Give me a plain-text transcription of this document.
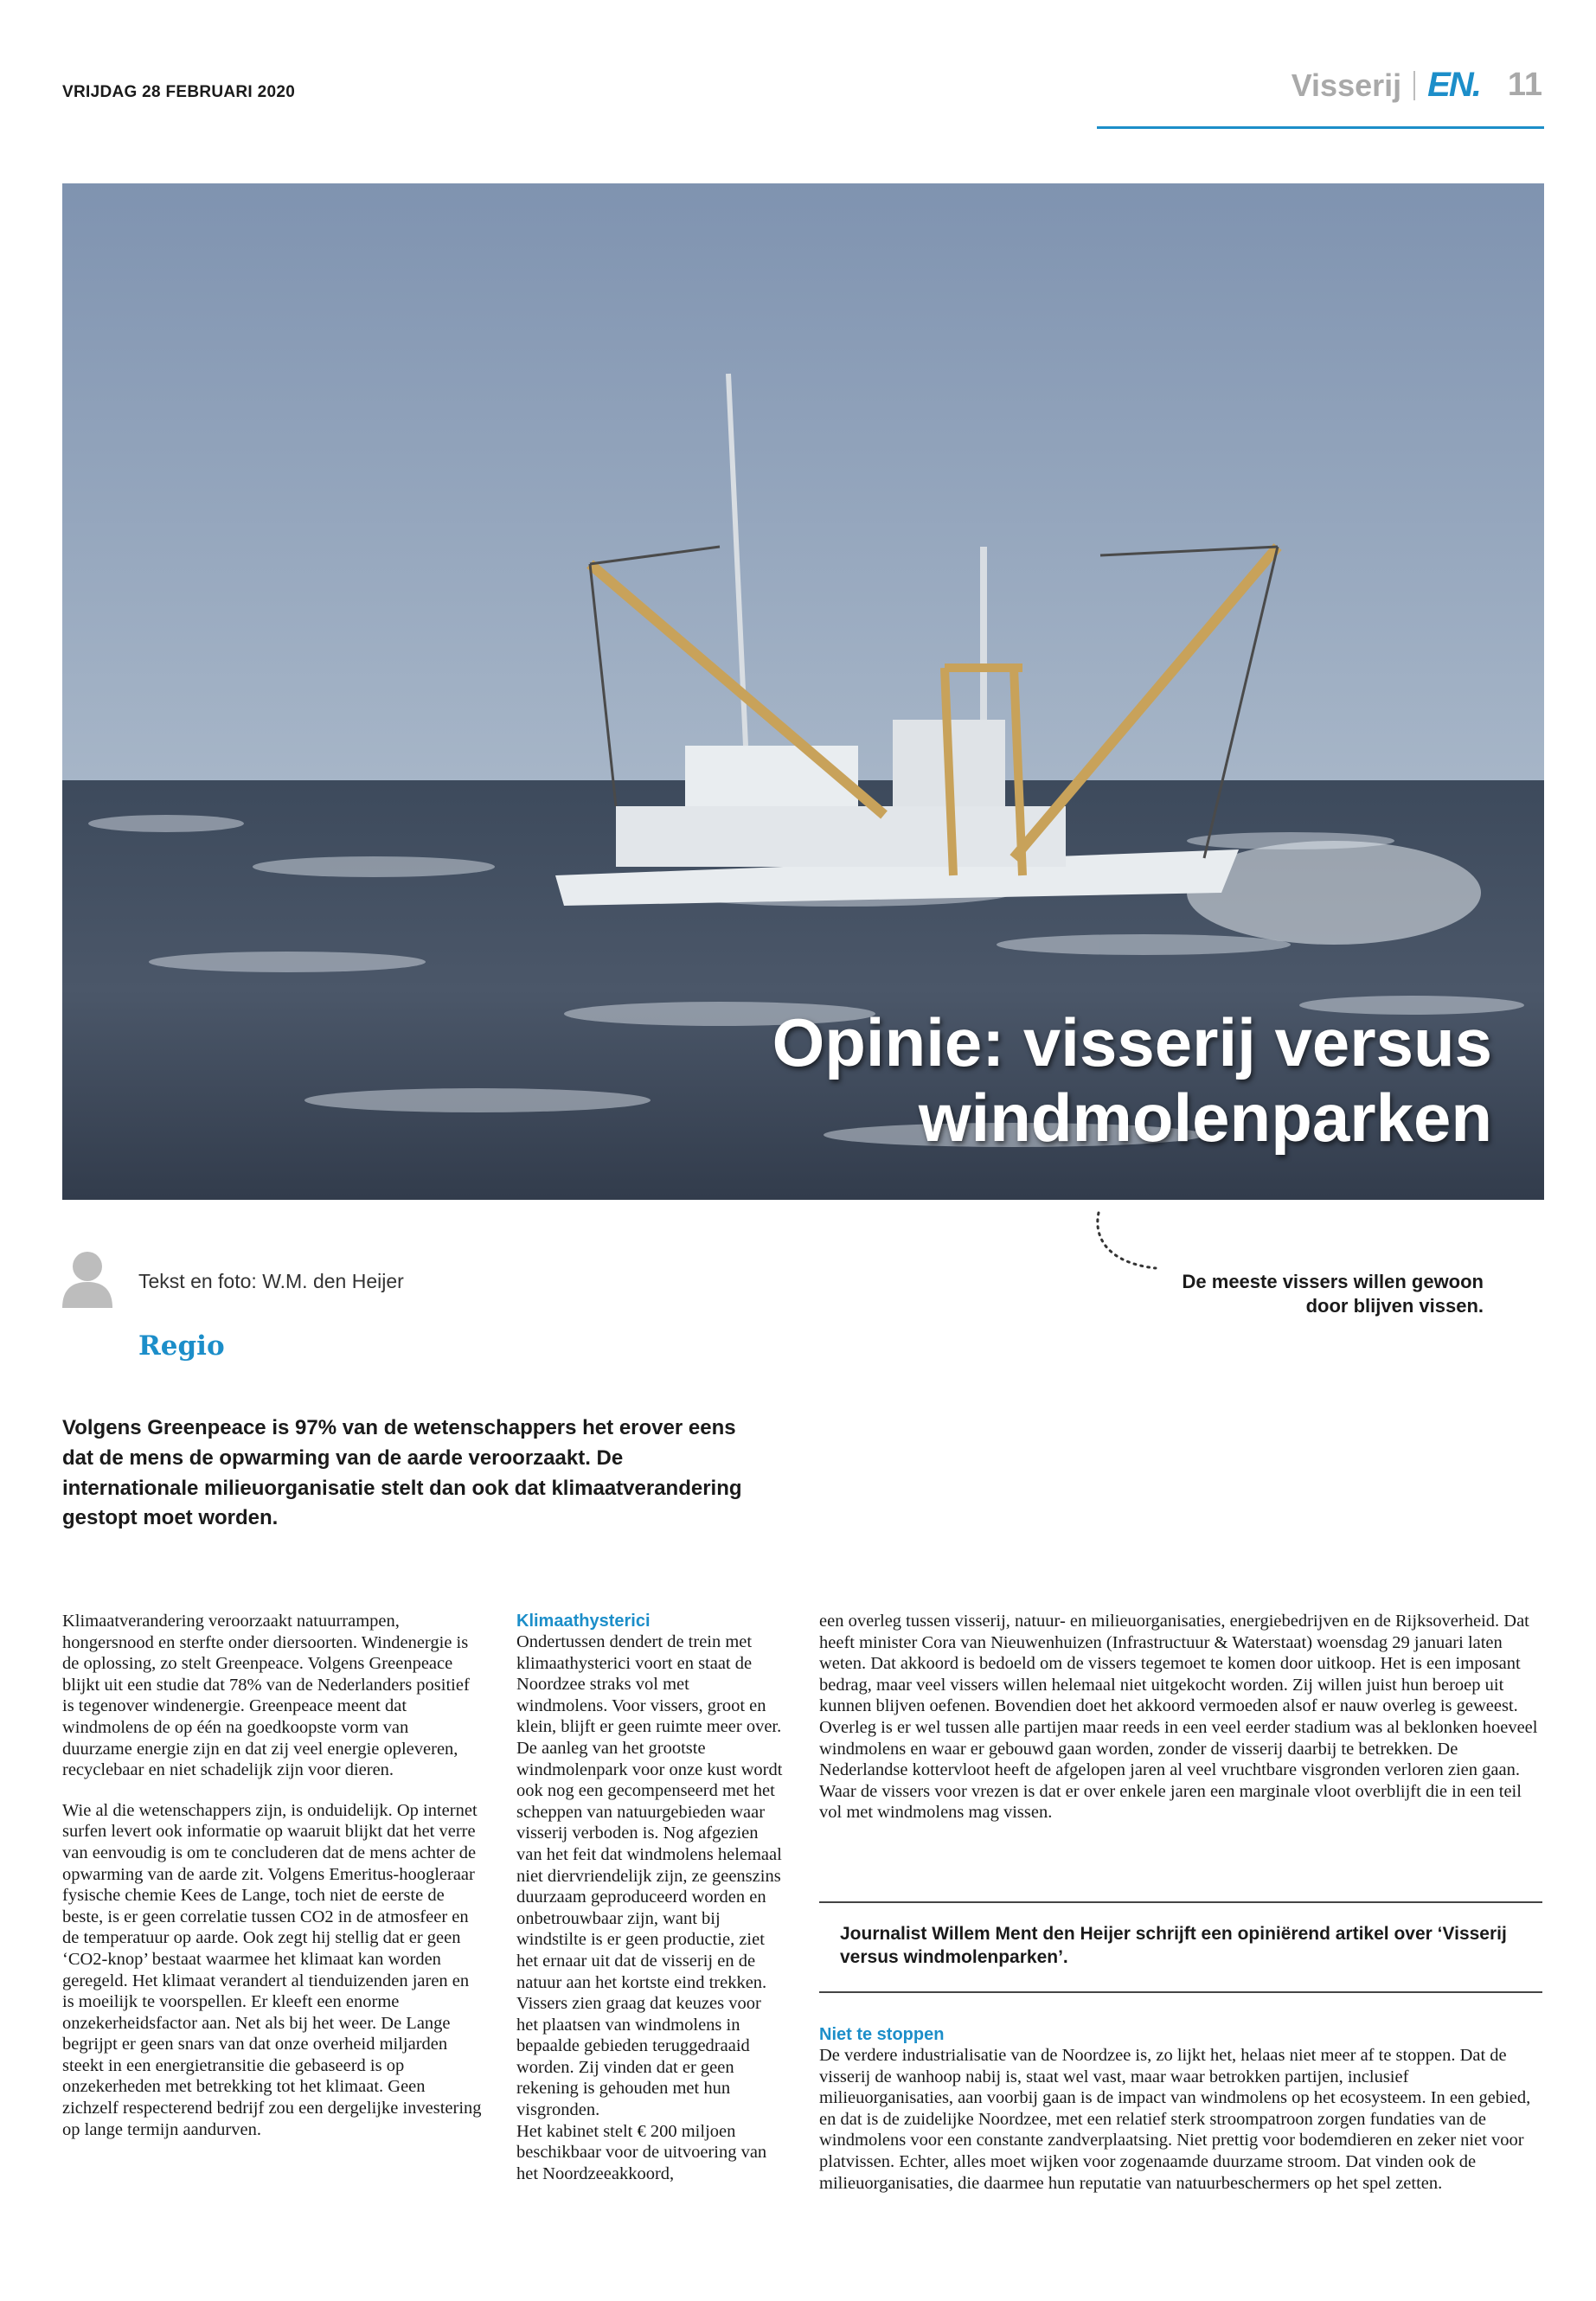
VRIJDAG 28 FEBRUARI 2020	Visserij EN. 11
Opinie: visserij versus
windmolenparken
Tekst en foto: W.M. den Heijer
Regio
De meeste vissers willen gewoon
door blijven vissen.
Volgens Greenpeace is 97% van de wetenschappers het erover eens dat de mens de opwarming van de aarde veroorzaakt. De internationale milieuorganisatie stelt dan ook dat klimaatverandering gestopt moet worden.

Klimaatverandering veroorzaakt natuurrampen, hongersnood en sterfte onder diersoorten. Windenergie is de oplossing, zo stelt Greenpeace. Volgens Greenpeace blijkt uit een studie dat 78% van de Nederlanders positief is tegenover windenergie. Greenpeace meent dat windmolens de op één na goedkoopste vorm van duurzame energie zijn en dat zij veel energie opleveren, recyclebaar en niet schadelijk zijn voor dieren.

Wie al die wetenschappers zijn, is onduidelijk. Op internet surfen levert ook informatie op waaruit blijkt dat het verre van eenvoudig is om te concluderen dat de mens achter de opwarming van de aarde zit. Volgens Emeritus-hoogleraar fysische chemie Kees de Lange, toch niet de eerste de beste, is er geen correlatie tussen CO2 in de atmosfeer en de temperatuur op aarde. Ook zegt hij stellig dat er geen ‘CO2-knop’ bestaat waarmee het klimaat kan worden geregeld. Het klimaat verandert al tienduizenden jaren en is moeilijk te voorspellen. Er kleeft een enorme onzekerheidsfactor aan. Net als bij het weer. De Lange begrijpt er geen snars van dat onze overheid miljarden steekt in een energietransitie die gebaseerd is op onzekerheden met betrekking tot het klimaat. Geen zichzelf respecterend bedrijf zou een dergelijke investering op lange termijn aandurven.

Klimaathysterici

Ondertussen dendert de trein met klimaathysterici voort en staat de Noordzee straks vol met windmolens. Voor vissers, groot en klein, blijft er geen ruimte meer over. De aanleg van het grootste windmolenpark voor onze kust wordt ook nog een gecompenseerd met het scheppen van natuurgebieden waar visserij verboden is. Nog afgezien van het feit dat windmolens helemaal niet diervriendelijk zijn, ze geenszins duurzaam geproduceerd worden en onbetrouwbaar zijn, want bij windstilte is er geen productie, ziet het ernaar uit dat de visserij en de natuur aan het kortste eind trekken. Vissers zien graag dat keuzes voor het plaatsen van windmolens in bepaalde gebieden teruggedraaid worden. Zij vinden dat er geen rekening is gehouden met hun visgronden.

Het kabinet stelt € 200 miljoen beschikbaar voor de uitvoering van het Noordzeeakkoord,

een overleg tussen visserij, natuur- en milieuorganisaties, energiebedrijven en de Rijksoverheid. Dat heeft minister Cora van Nieuwenhuizen (Infrastructuur & Waterstaat) woensdag 29 januari laten weten. Dat akkoord is bedoeld om de vissers tegemoet te komen door uitkoop. Het is een imposant bedrag, maar veel vissers willen helemaal niet uitgekocht worden. Zij willen juist hun beroep uit kunnen blijven oefenen. Bovendien doet het akkoord vermoeden alsof er nauw overleg is geweest. Overleg is er wel tussen alle partijen maar reeds in een veel eerder stadium was al beklonken hoeveel windmolens en waar er gebouwd gaan worden, zonder de visserij daarbij te betrekken. De Nederlandse kottervloot heeft de afgelopen jaren al veel vruchtbare visgronden verloren zien gaan. Waar de vissers voor vrezen is dat er over enkele jaren een marginale vloot overblijft die in een teil vol met windmolens mag vissen.

Journalist Willem Ment den Heijer schrijft een opiniërend artikel over ‘Visserij versus windmolenparken’.
Niet te stoppen

De verdere industrialisatie van de Noordzee is, zo lijkt het, helaas niet meer af te stoppen. Dat de visserij de wanhoop nabij is, staat wel vast, maar waar betrokken partijen, inclusief milieuorganisaties, aan voorbij gaan is de impact van windmolens op het ecosysteem. In een gebied, en dat is de zuidelijke Noordzee, met een relatief sterk stroompatroon zorgen fundaties van de windmolens voor een constante zandverplaatsing. Niet prettig voor bodemdieren en zeker niet voor platvissen. Echter, alles moet wijken voor zogenaamde duurzame stroom. Dat vinden ook de milieuorganisaties, die daarmee hun reputatie van natuurbeschermers op het spel zetten.
